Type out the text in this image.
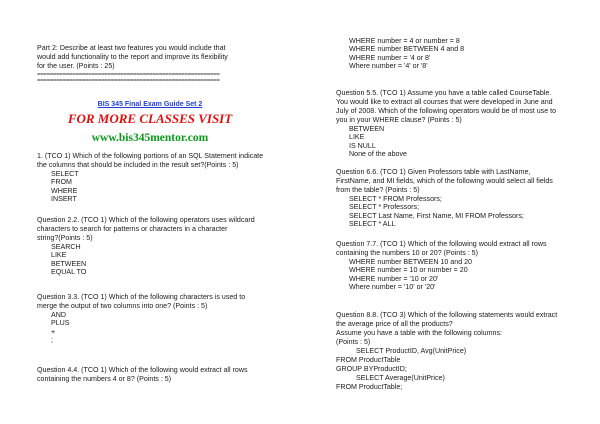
Part 2: Describe at least two features you would include that
would add functionality to the report and improve its flexibility
for the user. (Points : 25)
=========================================================
=========================================================
BIS 345 Final Exam Guide Set 2
FOR MORE CLASSES VISIT
www.bis345mentor.com
1. (TCO 1) Which of the following portions of an SQL Statement indicate
the columns that should be included in the result set?(Points : 5)
SELECT
FROM
WHERE
INSERT
Question 2.2. (TCO 1) Which of the following operators uses wildcard
characters to search for patterns or characters in a character
string?(Points : 5)
SEARCH
LIKE
BETWEEN
EQUAL TO
Question 3.3. (TCO 1) Which of the following characters is used to
merge the output of two columns into one? (Points : 5)
AND
PLUS
+
;
Question 4.4. (TCO 1) Which of the following would extract all rows
containing the numbers 4 or 8? (Points : 5)
WHERE number = 4 or number = 8
WHERE number BETWEEN 4 and 8
WHERE number = '4 or 8'
Where number = '4' or '8'
Question 5.5. (TCO 1) Assume you have a table called CourseTable.
You would like to extract all courses that were developed in June and
July of 2008. Which of the following operators would be of most use to
you in your WHERE clause? (Points : 5)
BETWEEN
LIKE
IS NULL
None of the above
Question 6.6. (TCO 1) Given Professors table with LastName,
FirstName, and MI fields, which of the following would select all fields
from the table? (Points : 5)
SELECT * FROM Professors;
SELECT * Professors;
SELECT Last Name, First Name, MI FROM Professors;
SELECT * ALL
Question 7.7. (TCO 1) Which of the following would extract all rows
containing the numbers 10 or 20? (Points : 5)
WHERE number BETWEEN 10 and 20
WHERE number = 10 or number = 20
WHERE number = '10 or 20'
Where number = '10' or '20'
Question 8.8. (TCO 3) Which of the following statements would extract
the average price of all the products?
Assume you have a table with the following columns:
(Points : 5)
SELECT ProductID, Avg(UnitPrice)
FROM ProductTable
GROUP BYProductID;
SELECT Average(UnitPrice)
FROM ProductTable;
